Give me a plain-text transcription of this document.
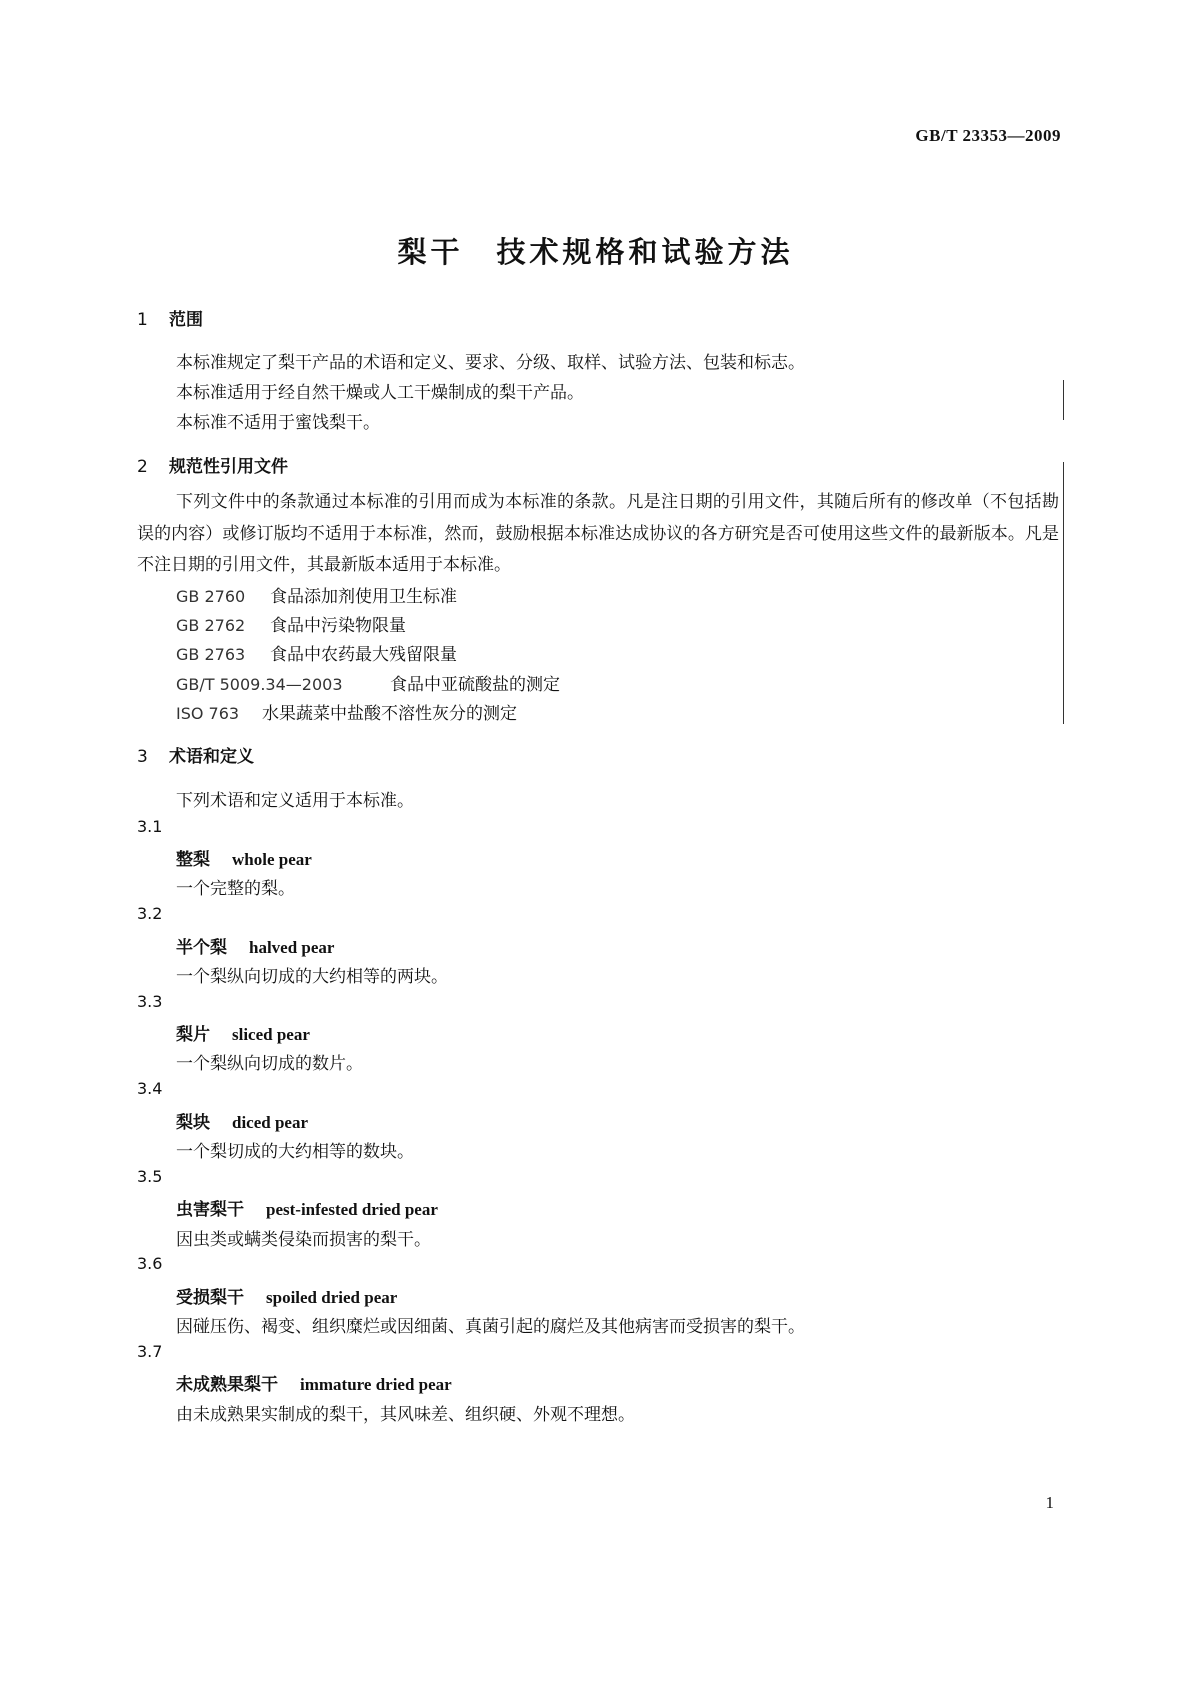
GB/T 23353—2009
梨干　技术规格和试验方法
1 范围
本标准规定了梨干产品的术语和定义、要求、分级、取样、试验方法、包装和标志。
本标准适用于经自然干燥或人工干燥制成的梨干产品。
本标准不适用于蜜饯梨干。
2 规范性引用文件
下列文件中的条款通过本标准的引用而成为本标准的条款。凡是注日期的引用文件，其随后所有的修改单（不包括勘误的内容）或修订版均不适用于本标准，然而，鼓励根据本标准达成协议的各方研究是否可使用这些文件的最新版本。凡是不注日期的引用文件，其最新版本适用于本标准。
GB 2760 食品添加剂使用卫生标准
GB 2762 食品中污染物限量
GB 2763 食品中农药最大残留限量
GB/T 5009.34—2003	食品中亚硫酸盐的测定
ISO 763 水果蔬菜中盐酸不溶性灰分的测定
3 术语和定义
下列术语和定义适用于本标准。
3.1
整梨 whole pear
一个完整的梨。
3.2
半个梨 halved pear
一个梨纵向切成的大约相等的两块。
3.3
梨片 sliced pear
一个梨纵向切成的数片。
3.4
梨块 diced pear
一个梨切成的大约相等的数块。
3.5
虫害梨干 pest-infested dried pear
因虫类或螨类侵染而损害的梨干。
3.6
受损梨干 spoiled dried pear
因碰压伤、褐变、组织糜烂或因细菌、真菌引起的腐烂及其他病害而受损害的梨干。
3.7
未成熟果梨干 immature dried pear
由未成熟果实制成的梨干，其风味差、组织硬、外观不理想。
1
